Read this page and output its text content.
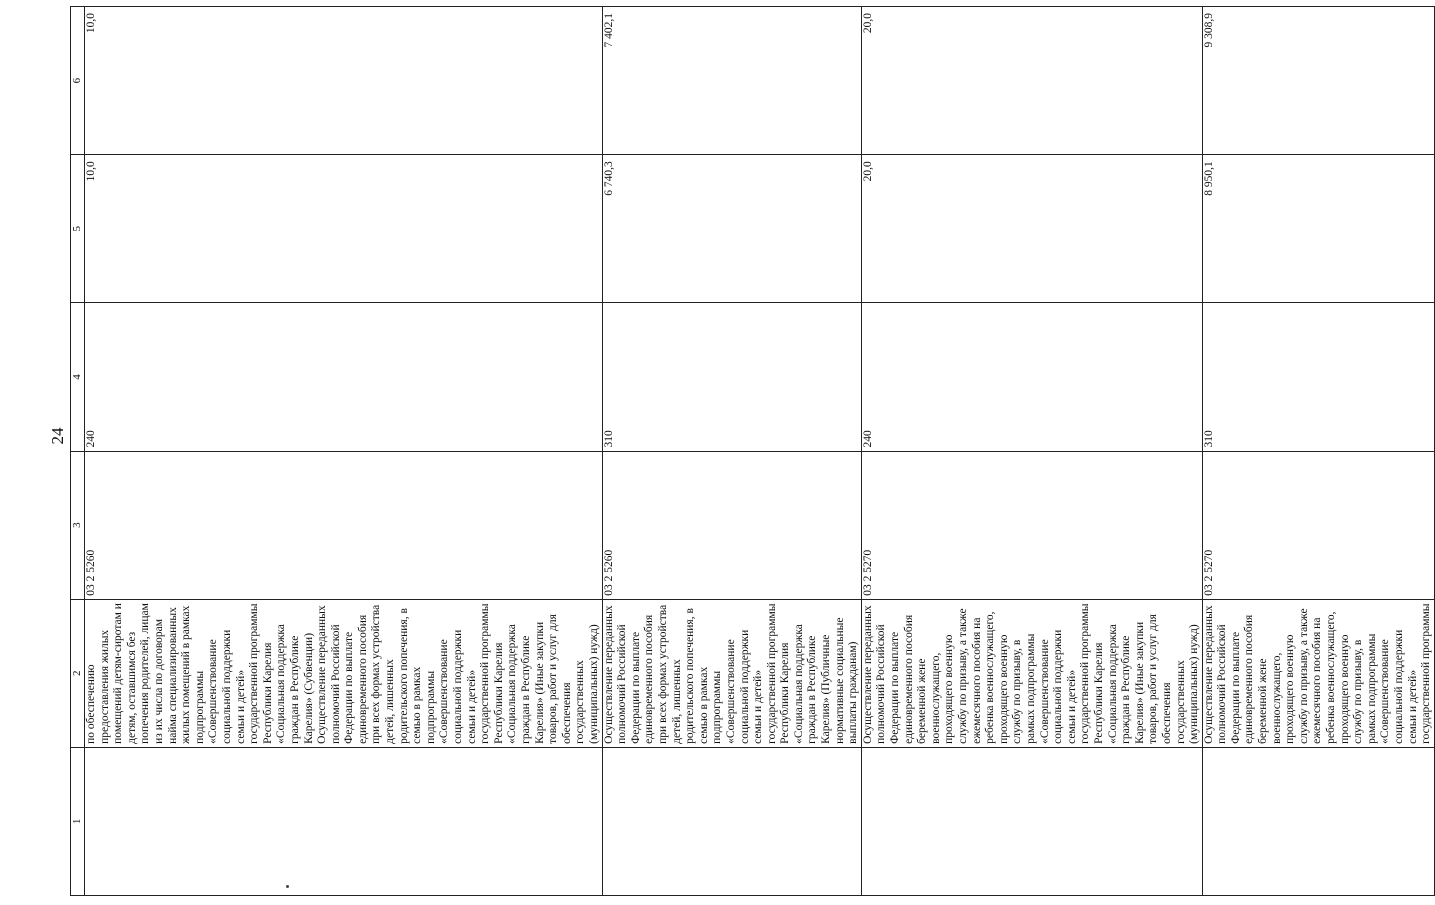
24
1	2	3	4	5	6

	по обеспечению предоставления жилых помещений детям-сиротам и детям, оставшимся без попечения родителей, лицам из их числа по договорам найма специализированных жилых помещений в рамках подпрограммы «Совершенствование социальной поддержки семьи и детей» государственной программы Республики Карелия «Социальная поддержка граждан в Республике Карелия» (Субвенции) Осуществление переданных полномочий Российской Федерации по выплате единовременного пособия при всех формах устройства детей, лишенных родительского попечения, в семью в рамках подпрограммы «Совершенствование социальной поддержки семьи и детей» государственной программы Республики Карелия «Социальная поддержка граждан в Республике Карелия» (Иные закупки товаров, работ и услуг для обеспечения государственных (муниципальных) нужд)	03 2 5260	240	10,0	10,0
	Осуществление переданных полномочий Российской Федерации по выплате единовременного пособия при всех формах устройства детей, лишенных родительского попечения, в семью в рамках подпрограммы «Совершенствование социальной поддержки семьи и детей» государственной программы Республики Карелия «Социальная поддержка граждан в Республике Карелия» (Публичные нормативные социальные выплаты гражданам)	03 2 5260	310	6 740,3	7 402,1
	Осуществление переданных полномочий Российской Федерации по выплате единовременного пособия беременной жене военнослужащего, проходящего военную службу по призыву, а также ежемесячного пособия на ребенка военнослужащего, проходящего военную службу по призыву, в рамках подпрограммы «Совершенствование социальной поддержки семьи и детей» государственной программы Республики Карелия «Социальная поддержка граждан в Республике Карелия» (Иные закупки товаров, работ и услуг для обеспечения государственных (муниципальных) нужд)	03 2 5270	240	20,0	20,0
	Осуществление переданных полномочий Российской Федерации по выплате единовременного пособия беременной жене военнослужащего, проходящего военную службу по призыву, а также ежемесячного пособия на ребенка военнослужащего, проходящего военную службу по призыву, в рамках подпрограммы «Совершенствование социальной поддержки семьи и детей» государственной программы	03 2 5270	310	8 950,1	9 308,9
